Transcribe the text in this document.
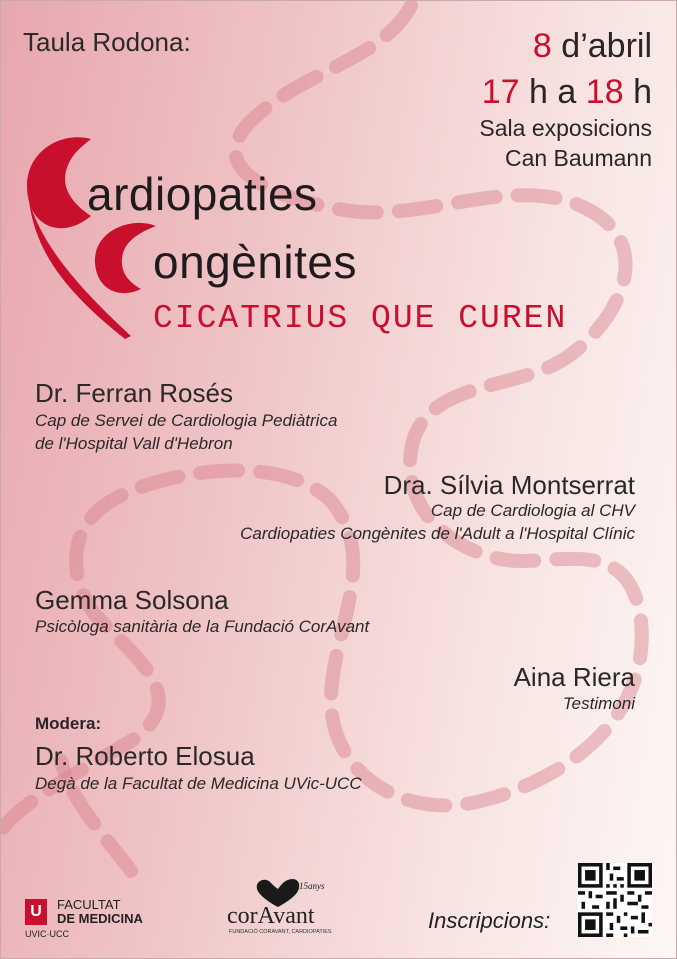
Taula Rodona:	8 d’abril
17 h a 18 h
Sala exposicions
Can Baumann
ardiopaties
ongènites
CICATRIUS QUE CUREN
Dr. Ferran Rosés
Cap de Servei de Cardiologia Pediàtrica
de l'Hospital Vall d'Hebron
Dra. Sílvia Montserrat
Cap de Cardiologia al CHV
Cardiopaties Congènites de l'Adult a l'Hospital Clínic
Gemma Solsona
Psicòloga sanitària de la Fundació CorAvant
Aina Riera
Testimoni
Modera:
Dr. Roberto Elosua
Degà de la Facultat de Medicina UVic-UCC
U	FACULTAT
DE MEDICINA
UVIC·UCC
15anys
corAvant
FUNDACIÓ CORAVANT, CARDIOPATIES	Inscripcions:
